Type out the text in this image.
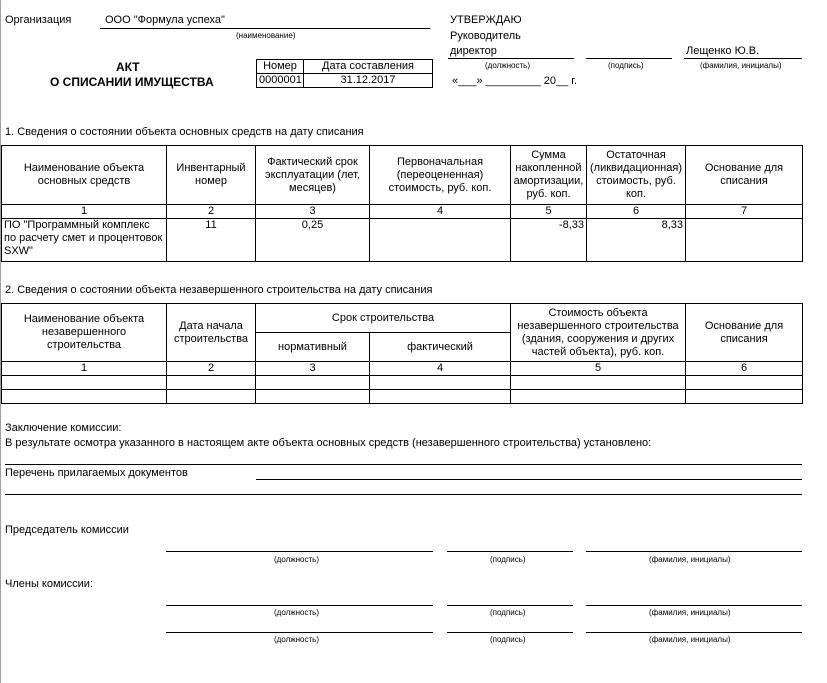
Организация	ООО "Формула успеха"
(наименование)
УТВЕРЖДАЮ
Руководитель
директор	Лещенко Ю.В.
(должность)	(подпись)	(фамилия, инициалы)
«___» _________ 20__ г.
АКТ
О СПИСАНИИ ИМУЩЕСТВА
Номер	Дата составления
0000001	31.12.2017
1. Сведения о состоянии объекта основных средств на дату списания
Наименование объекта основных средств	Инвентарный номер	Фактический срок эксплуатации (лет, месяцев)	Первоначальная (переоцененная) стоимость, руб. коп.	Сумма накопленной амортизации, руб. коп.	Остаточная (ликвидационная) стоимость, руб. коп.	Основание для списания
1	2	3	4	5	6	7
ПО "Программный комплекс по расчету смет и процентовок SXW"	11	0,25		-8,33	8,33	
2. Сведения о состоянии объекта незавершенного строительства на дату списания
Наименование объекта незавершенного строительства	Дата начала строительства	Срок строительства		Стоимость объекта незавершенного строительства (здания, сооружения и других частей объекта), руб. коп.	Основание для списания
		нормативный	фактический		
1	2	3	4	5	6

Заключение комиссии:
В результате осмотра указанного в настоящем акте объекта основных средств (незавершенного строительства) установлено:
Перечень прилагаемых документов
Председатель комиссии
(должность)	(подпись)	(фамилия, инициалы)
Члены комиссии:
(должность)	(подпись)	(фамилия, инициалы)
(должность)	(подпись)	(фамилия, инициалы)
